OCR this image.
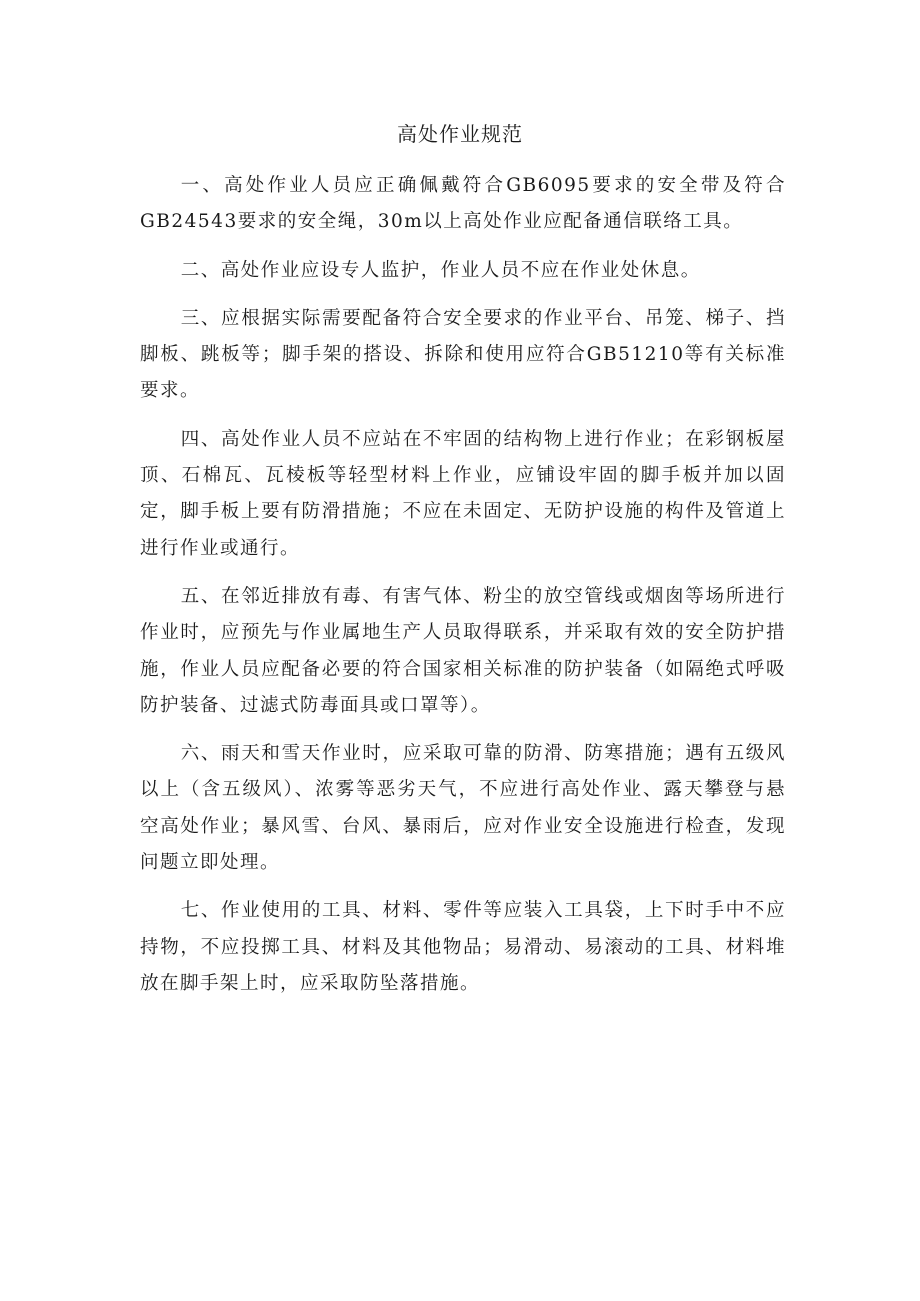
高处作业规范

一、高处作业人员应正确佩戴符合GB6095要求的安全带及符合GB24543要求的安全绳，30m以上高处作业应配备通信联络工具。

二、高处作业应设专人监护，作业人员不应在作业处休息。

三、应根据实际需要配备符合安全要求的作业平台、吊笼、梯子、挡脚板、跳板等；脚手架的搭设、拆除和使用应符合GB51210等有关标准要求。

四、高处作业人员不应站在不牢固的结构物上进行作业；在彩钢板屋顶、石棉瓦、瓦棱板等轻型材料上作业，应铺设牢固的脚手板并加以固定，脚手板上要有防滑措施；不应在未固定、无防护设施的构件及管道上进行作业或通行。

五、在邻近排放有毒、有害气体、粉尘的放空管线或烟囱等场所进行作业时，应预先与作业属地生产人员取得联系，并采取有效的安全防护措施，作业人员应配备必要的符合国家相关标准的防护装备（如隔绝式呼吸防护装备、过滤式防毒面具或口罩等）。

六、雨天和雪天作业时，应采取可靠的防滑、防寒措施；遇有五级风以上（含五级风）、浓雾等恶劣天气，不应进行高处作业、露天攀登与悬空高处作业；暴风雪、台风、暴雨后，应对作业安全设施进行检查，发现问题立即处理。

七、作业使用的工具、材料、零件等应装入工具袋，上下时手中不应持物，不应投掷工具、材料及其他物品；易滑动、易滚动的工具、材料堆放在脚手架上时，应采取防坠落措施。
